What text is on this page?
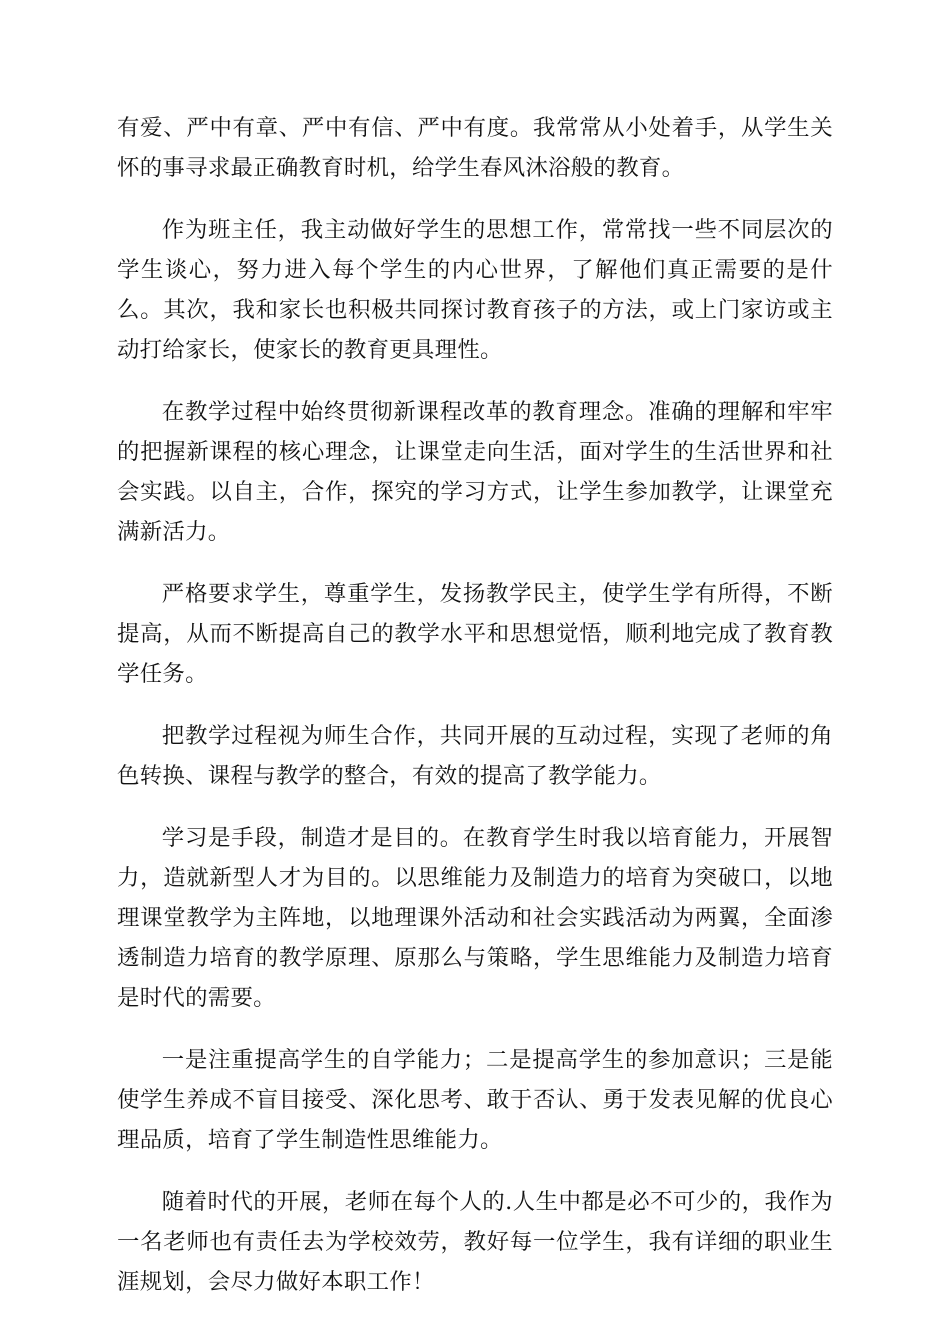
有爱、严中有章、严中有信、严中有度。我常常从小处着手，从学生关怀的事寻求最正确教育时机，给学生春风沐浴般的教育。

作为班主任，我主动做好学生的思想工作，常常找一些不同层次的学生谈心，努力进入每个学生的内心世界，了解他们真正需要的是什么。其次，我和家长也积极共同探讨教育孩子的方法，或上门家访或主动打给家长，使家长的教育更具理性。

在教学过程中始终贯彻新课程改革的教育理念。准确的理解和牢牢的把握新课程的核心理念，让课堂走向生活，面对学生的生活世界和社会实践。以自主，合作，探究的学习方式，让学生参加教学，让课堂充满新活力。

严格要求学生，尊重学生，发扬教学民主，使学生学有所得，不断提高，从而不断提高自己的教学水平和思想觉悟，顺利地完成了教育教学任务。

把教学过程视为师生合作，共同开展的互动过程，实现了老师的角色转换、课程与教学的整合，有效的提高了教学能力。

学习是手段，制造才是目的。在教育学生时我以培育能力，开展智力，造就新型人才为目的。以思维能力及制造力的培育为突破口，以地理课堂教学为主阵地，以地理课外活动和社会实践活动为两翼，全面渗透制造力培育的教学原理、原那么与策略，学生思维能力及制造力培育是时代的需要。

一是注重提高学生的自学能力；二是提高学生的参加意识；三是能使学生养成不盲目接受、深化思考、敢于否认、勇于发表见解的优良心理品质，培育了学生制造性思维能力。

随着时代的开展，老师在每个人的.人生中都是必不可少的，我作为一名老师也有责任去为学校效劳，教好每一位学生，我有详细的职业生涯规划，会尽力做好本职工作！
